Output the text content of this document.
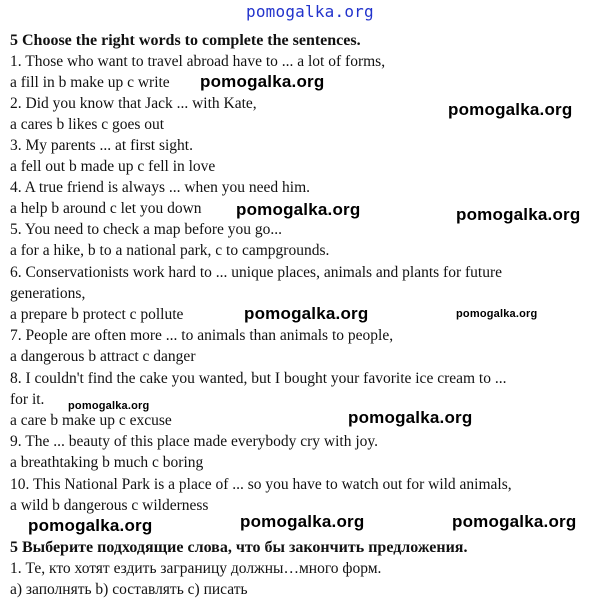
pomogalka.org
5 Choose the right words to complete the sentences.
1. Those who want to travel abroad have to ... a lot of forms,
a fill in b make up c write
2. Did you know that Jack ... with Kate,
a cares b likes c goes out
3. My parents ... at first sight.
a fell out b made up c fell in love
4. A true friend is always ... when you need him.
a help b around c let you down
5. You need to check a map before you go...
a for a hike, b to a national park, c to campgrounds.
6. Conservationists work hard to ... unique places, animals and plants for future
generations,
a prepare b protect c pollute
7. People are often more ... to animals than animals to people,
a dangerous b attract c danger
8. I couldn't find the cake you wanted, but I bought your favorite ice cream to ...
for it.
a care b make up c excuse
9. The ... beauty of this place made everybody cry with joy.
a breathtaking b much c boring
10. This National Park is a place of ... so you have to watch out for wild animals,
a wild b dangerous c wilderness
5 Выберите подходящие слова, что бы закончить предложения.
1. Те, кто хотят ездить заграницу должны…много форм.
а) заполнять b) составлять c) писать
pomogalka.org
pomogalka.org
pomogalka.org	pomogalka.org
pomogalka.org	pomogalka.org
pomogalka.org
pomogalka.org
pomogalka.org	pomogalka.org	pomogalka.org
